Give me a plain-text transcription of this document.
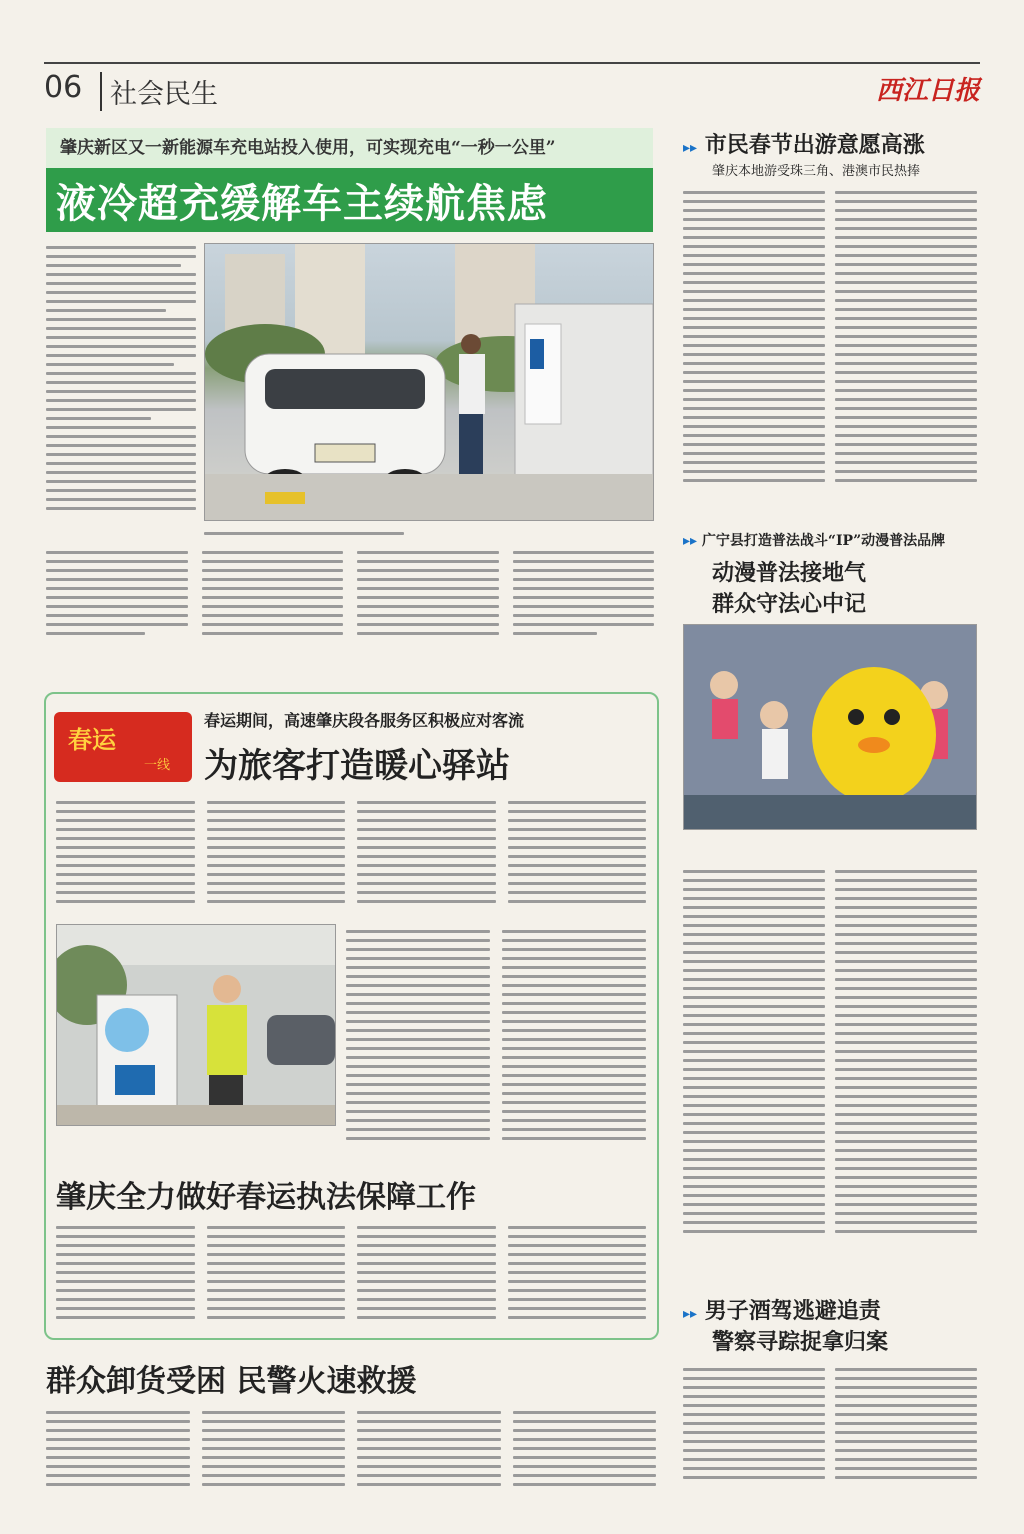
06	社会民生	西江日报
肇庆新区又一新能源车充电站投入使用，可实现充电“一秒一公里”
液冷超充缓解车主续航焦虑
▸▸ 市民春节出游意愿高涨
肇庆本地游受珠三角、港澳市民热捧
▸▸ 广宁县打造普法战斗“IP”动漫普法品牌
动漫普法接地气
群众守法心中记
▸▸ 男子酒驾逃避追责
警察寻踪捉拿归案
春运
一线
春运期间，高速肇庆段各服务区积极应对客流
为旅客打造暖心驿站
肇庆全力做好春运执法保障工作
群众卸货受困 民警火速救援
